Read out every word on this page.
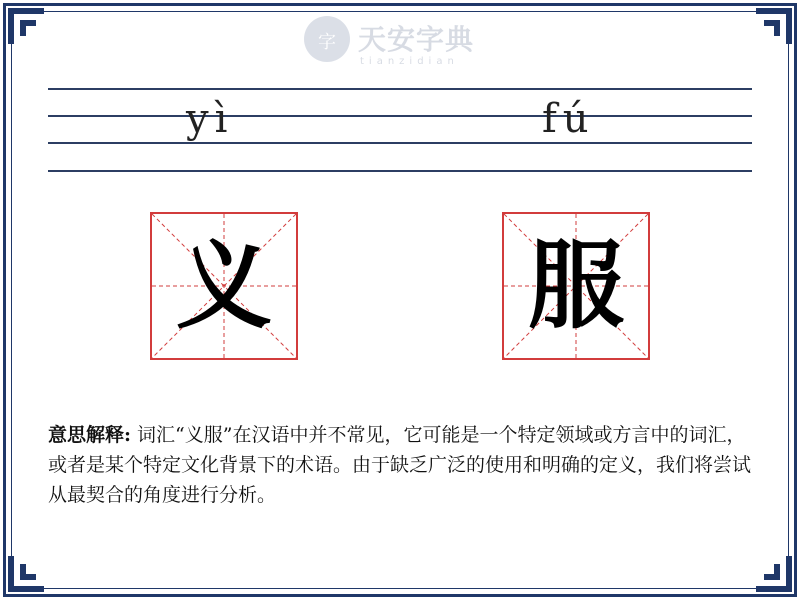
字 天安字典
tianzidian
yì	fú
义	服
意思解释: 词汇“义服”在汉语中并不常见，它可能是一个特定领域或方言中的词汇，或者是某个特定文化背景下的术语。由于缺乏广泛的使用和明确的定义，我们将尝试从最契合的角度进行分析。
